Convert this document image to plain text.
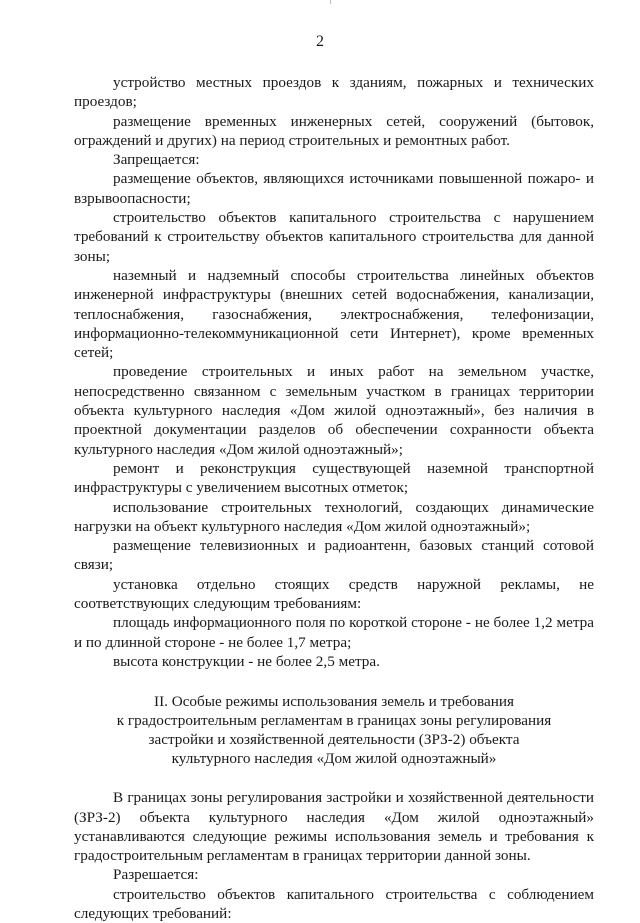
2

устройство местных проездов к зданиям, пожарных и технических проездов;

размещение временных инженерных сетей, сооружений (бытовок, ограждений и других) на период строительных и ремонтных работ.

Запрещается:

размещение объектов, являющихся источниками повышенной пожаро- и взрывоопасности;

строительство объектов капитального строительства с нарушением требований к строительству объектов капитального строительства для данной зоны;

наземный и надземный способы строительства линейных объектов инженерной инфраструктуры (внешних сетей водоснабжения, канализации, теплоснабжения, газоснабжения, электроснабжения, телефонизации, информационно-телекоммуникационной сети Интернет), кроме временных сетей;

проведение строительных и иных работ на земельном участке, непосредственно связанном с земельным участком в границах территории объекта культурного наследия «Дом жилой одноэтажный», без наличия в проектной документации разделов об обеспечении сохранности объекта культурного наследия «Дом жилой одноэтажный»;

ремонт и реконструкция существующей наземной транспортной инфраструктуры с увеличением высотных отметок;

использование строительных технологий, создающих динамические нагрузки на объект культурного наследия «Дом жилой одноэтажный»;

размещение телевизионных и радиоантенн, базовых станций сотовой связи;

установка отдельно стоящих средств наружной рекламы, не соответствующих следующим требованиям:

площадь информационного поля по короткой стороне - не более 1,2 метра и по длинной стороне - не более 1,7 метра;

высота конструкции - не более 2,5 метра.

II. Особые режимы использования земель и требования

к градостроительным регламентам в границах зоны регулирования

застройки и хозяйственной деятельности (ЗРЗ-2) объекта

культурного наследия «Дом жилой одноэтажный»

В границах зоны регулирования застройки и хозяйственной деятельности (ЗРЗ-2) объекта культурного наследия «Дом жилой одноэтажный» устанавливаются следующие режимы использования земель и требования к градостроительным регламентам в границах территории данной зоны.

Разрешается:

строительство объектов капитального строительства с соблюдением следующих требований:
